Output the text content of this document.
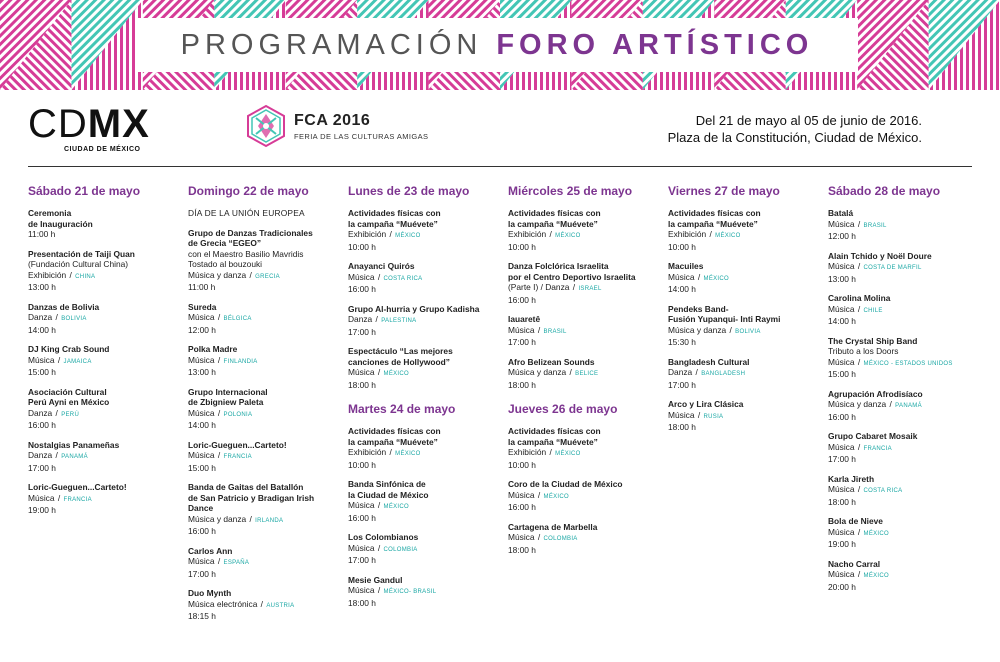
PROGRAMACIÓN FORO ARTÍSTICO
CDMX
CIUDAD DE MÉXICO
FCA 2016
FERIA DE LAS CULTURAS AMIGAS
Del 21 de mayo al 05 de junio de 2016.
Plaza de la Constitución, Ciudad de México.
Sábado 21 de mayo
Ceremonia
de Inauguración
11:00 h
Presentación de Taiji Quan
(Fundación Cultural China)
Exhibición / CHINA
13:00 h
Danzas de Bolivia
Danza / BOLIVIA
14:00 h
DJ King Crab Sound
Música / JAMAICA
15:00 h
Asociación Cultural
Perú Ayni en México
Danza / PERÚ
16:00 h
Nostalgias Panameñas
Danza / PANAMÁ
17:00 h
Loric-Gueguen...Carteto!
Música / FRANCIA
19:00 h
Domingo 22 de mayo
DÍA DE LA UNIÓN EUROPEA
Grupo de Danzas Tradicionales
de Grecia “EGEO”
con el Maestro Basilio Mavridis
Tostado al bouzouki
Música y danza / GRECIA
11:00 h
Sureda
Música / BÉLGICA
12:00 h
Polka Madre
Música / FINLANDIA
13:00 h
Grupo Internacional
de Zbigniew Paleta
Música / POLONIA
14:00 h
Loric-Gueguen...Carteto!
Música / FRANCIA
15:00 h
Banda de Gaitas del Batallón
de San Patricio y Bradigan Irish
Dance
Música y danza / IRLANDA
16:00 h
Carlos Ann
Música / ESPAÑA
17:00 h
Duo Mynth
Música electrónica / AUSTRIA
18:15 h
Lunes de 23 de mayo
Actividades físicas con
la campaña “Muévete”
Exhibición / MÉXICO
10:00 h
Anayanci Quirós
Música / COSTA RICA
16:00 h
Grupo Al-hurria y Grupo Kadisha
Danza / PALESTINA
17:00 h
Espectáculo “Las mejores
canciones de Hollywood”
Música / MÉXICO
18:00 h
Martes 24 de mayo
Actividades físicas con
la campaña “Muévete”
Exhibición / MÉXICO
10:00 h
Banda Sinfónica de
la Ciudad de México
Música / MÉXICO
16:00 h
Los Colombianos
Música / COLOMBIA
17:00 h
Mesie Gandul
Música / MÉXICO- BRASIL
18:00 h
Miércoles 25 de mayo
Actividades físicas con
la campaña “Muévete”
Exhibición / MÉXICO
10:00 h
Danza Folclórica Israelita
por el Centro Deportivo Israelita
(Parte I) / Danza / ISRAEL
16:00 h
Iauaretê
Música / BRASIL
17:00 h
Afro Belizean Sounds
Música y danza / BELICE
18:00 h
Jueves 26 de mayo
Actividades físicas con
la campaña “Muévete”
Exhibición / MÉXICO
10:00 h
Coro de la Ciudad de México
Música / MÉXICO
16:00 h
Cartagena de Marbella
Música / COLOMBIA
18:00 h
Viernes 27 de mayo
Actividades físicas con
la campaña “Muévete”
Exhibición / MÉXICO
10:00 h
Macuiles
Música / MÉXICO
14:00 h
Pendeks Band-
Fusión Yupanqui- Inti Raymi
Música y danza / BOLIVIA
15:30 h
Bangladesh Cultural
Danza / BANGLADESH
17:00 h
Arco y Lira Clásica
Música / RUSIA
18:00 h
Sábado 28 de mayo
Batalá
Música / BRASIL
12:00 h
Alain Tchido y Noël Doure
Música / COSTA DE MARFIL
13:00 h
Carolina Molina
Música / CHILE
14:00 h
The Crystal Ship Band
Tributo a los Doors
Música / MÉXICO - ESTADOS UNIDOS
15:00 h
Agrupación Afrodisíaco
Música y danza / PANAMÁ
16:00 h
Grupo Cabaret Mosaik
Música / FRANCIA
17:00 h
Karla Jireth
Música / COSTA RICA
18:00 h
Bola de Nieve
Música / MÉXICO
19:00 h
Nacho Carral
Música / MÉXICO
20:00 h
